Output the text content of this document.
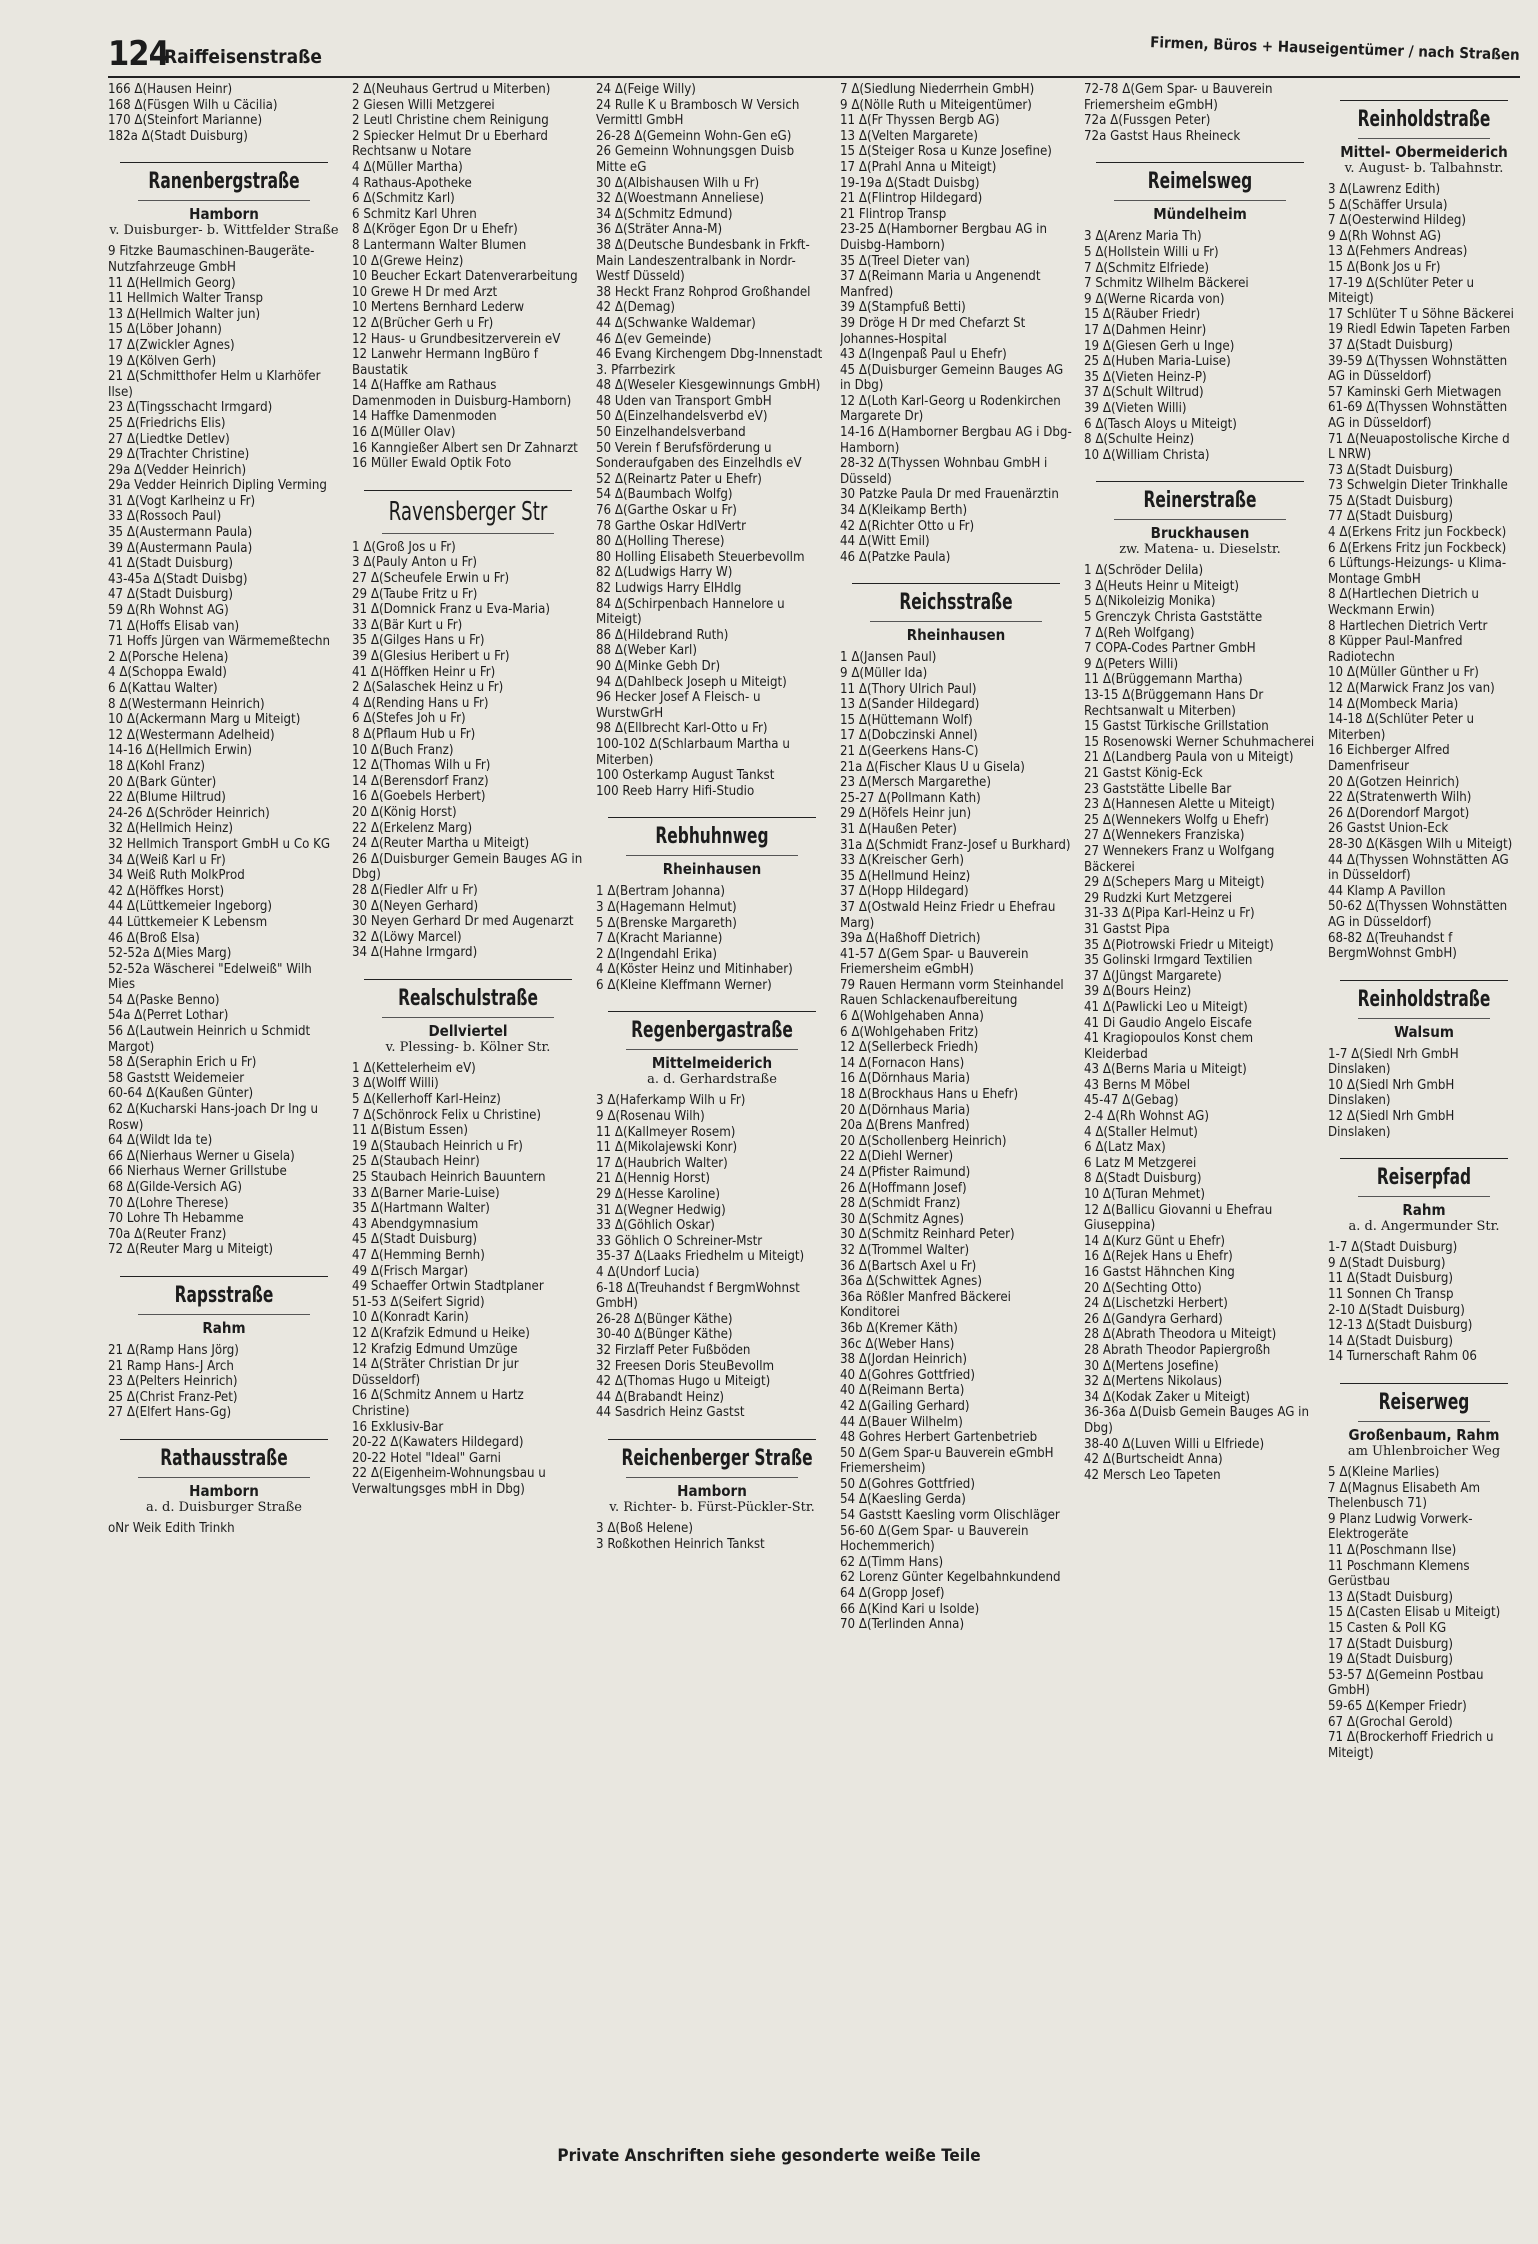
124
Raiffeisenstraße	Firmen, Büros + Hauseigentümer / nach Straßen
166 Δ(Hausen Heinr)
168 Δ(Füsgen Wilh u Cäcilia)
170 Δ(Steinfort Marianne)
182a Δ(Stadt Duisburg)
Ranenbergstraße
Hamborn
v. Duisburger- b. Wittfelder Straße
9 Fitzke Baumaschinen-Baugeräte-Nutzfahrzeuge GmbH
11 Δ(Hellmich Georg)
11 Hellmich Walter Transp
13 Δ(Hellmich Walter jun)
15 Δ(Löber Johann)
17 Δ(Zwickler Agnes)
19 Δ(Kölven Gerh)
21 Δ(Schmitthofer Helm u Klarhöfer Ilse)
23 Δ(Tingsschacht Irmgard)
25 Δ(Friedrichs Elis)
27 Δ(Liedtke Detlev)
29 Δ(Trachter Christine)
29a Δ(Vedder Heinrich)
29a Vedder Heinrich Dipling Verming
31 Δ(Vogt Karlheinz u Fr)
33 Δ(Rossoch Paul)
35 Δ(Austermann Paula)
39 Δ(Austermann Paula)
41 Δ(Stadt Duisburg)
43-45a Δ(Stadt Duisbg)
47 Δ(Stadt Duisburg)
59 Δ(Rh Wohnst AG)
71 Δ(Hoffs Elisab van)
71 Hoffs Jürgen van Wärmemeßtechn
2 Δ(Porsche Helena)
4 Δ(Schoppa Ewald)
6 Δ(Kattau Walter)
8 Δ(Westermann Heinrich)
10 Δ(Ackermann Marg u Miteigt)
12 Δ(Westermann Adelheid)
14-16 Δ(Hellmich Erwin)
18 Δ(Kohl Franz)
20 Δ(Bark Günter)
22 Δ(Blume Hiltrud)
24-26 Δ(Schröder Heinrich)
32 Δ(Hellmich Heinz)
32 Hellmich Transport GmbH u Co KG
34 Δ(Weiß Karl u Fr)
34 Weiß Ruth MolkProd
42 Δ(Höffkes Horst)
44 Δ(Lüttkemeier Ingeborg)
44 Lüttkemeier K Lebensm
46 Δ(Broß Elsa)
52-52a Δ(Mies Marg)
52-52a Wäscherei "Edelweiß" Wilh Mies
54 Δ(Paske Benno)
54a Δ(Perret Lothar)
56 Δ(Lautwein Heinrich u Schmidt Margot)
58 Δ(Seraphin Erich u Fr)
58 Gaststt Weidemeier
60-64 Δ(Kaußen Günter)
62 Δ(Kucharski Hans-joach Dr Ing u Rosw)
64 Δ(Wildt Ida te)
66 Δ(Nierhaus Werner u Gisela)
66 Nierhaus Werner Grillstube
68 Δ(Gilde-Versich AG)
70 Δ(Lohre Therese)
70 Lohre Th Hebamme
70a Δ(Reuter Franz)
72 Δ(Reuter Marg u Miteigt)
Rapsstraße
Rahm
21 Δ(Ramp Hans Jörg)
21 Ramp Hans-J Arch
23 Δ(Pelters Heinrich)
25 Δ(Christ Franz-Pet)
27 Δ(Elfert Hans-Gg)
Rathausstraße
Hamborn
a. d. Duisburger Straße
oNr Weik Edith Trinkh
2 Δ(Neuhaus Gertrud u Miterben)
2 Giesen Willi Metzgerei
2 Leutl Christine chem Reinigung
2 Spiecker Helmut Dr u Eberhard Rechtsanw u Notare
4 Δ(Müller Martha)
4 Rathaus-Apotheke
6 Δ(Schmitz Karl)
6 Schmitz Karl Uhren
8 Δ(Kröger Egon Dr u Ehefr)
8 Lantermann Walter Blumen
10 Δ(Grewe Heinz)
10 Beucher Eckart Datenverarbeitung
10 Grewe H Dr med Arzt
10 Mertens Bernhard Lederw
12 Δ(Brücher Gerh u Fr)
12 Haus- u Grundbesitzerverein eV
12 Lanwehr Hermann IngBüro f Baustatik
14 Δ(Haffke am Rathaus Damenmoden in Duisburg-Hamborn)
14 Haffke Damenmoden
16 Δ(Müller Olav)
16 Kanngießer Albert sen Dr Zahnarzt
16 Müller Ewald Optik Foto
Ravensberger Str
1 Δ(Groß Jos u Fr)
3 Δ(Pauly Anton u Fr)
27 Δ(Scheufele Erwin u Fr)
29 Δ(Taube Fritz u Fr)
31 Δ(Domnick Franz u Eva-Maria)
33 Δ(Bär Kurt u Fr)
35 Δ(Gilges Hans u Fr)
39 Δ(Glesius Heribert u Fr)
41 Δ(Höffken Heinr u Fr)
2 Δ(Salaschek Heinz u Fr)
4 Δ(Rending Hans u Fr)
6 Δ(Stefes Joh u Fr)
8 Δ(Pflaum Hub u Fr)
10 Δ(Buch Franz)
12 Δ(Thomas Wilh u Fr)
14 Δ(Berensdorf Franz)
16 Δ(Goebels Herbert)
20 Δ(König Horst)
22 Δ(Erkelenz Marg)
24 Δ(Reuter Martha u Miteigt)
26 Δ(Duisburger Gemein Bauges AG in Dbg)
28 Δ(Fiedler Alfr u Fr)
30 Δ(Neyen Gerhard)
30 Neyen Gerhard Dr med Augenarzt
32 Δ(Löwy Marcel)
34 Δ(Hahne Irmgard)
Realschulstraße
Dellviertel
v. Plessing- b. Kölner Str.
1 Δ(Kettelerheim eV)
3 Δ(Wolff Willi)
5 Δ(Kellerhoff Karl-Heinz)
7 Δ(Schönrock Felix u Christine)
11 Δ(Bistum Essen)
19 Δ(Staubach Heinrich u Fr)
25 Δ(Staubach Heinr)
25 Staubach Heinrich Bauuntern
33 Δ(Barner Marie-Luise)
35 Δ(Hartmann Walter)
43 Abendgymnasium
45 Δ(Stadt Duisburg)
47 Δ(Hemming Bernh)
49 Δ(Frisch Margar)
49 Schaeffer Ortwin Stadtplaner
51-53 Δ(Seifert Sigrid)
10 Δ(Konradt Karin)
12 Δ(Krafzik Edmund u Heike)
12 Krafzig Edmund Umzüge
14 Δ(Sträter Christian Dr jur Düsseldorf)
16 Δ(Schmitz Annem u Hartz Christine)
16 Exklusiv-Bar
20-22 Δ(Kawaters Hildegard)
20-22 Hotel "Ideal" Garni
22 Δ(Eigenheim-Wohnungsbau u Verwaltungsges mbH in Dbg)
24 Δ(Feige Willy)
24 Rulle K u Brambosch W Versich Vermittl GmbH
26-28 Δ(Gemeinn Wohn-Gen eG)
26 Gemeinn Wohnungsgen Duisb Mitte eG
30 Δ(Albishausen Wilh u Fr)
32 Δ(Woestmann Anneliese)
34 Δ(Schmitz Edmund)
36 Δ(Sträter Anna-M)
38 Δ(Deutsche Bundesbank in Frkft-Main Landeszentralbank in Nordr-Westf Düsseld)
38 Heckt Franz Rohprod Großhandel
42 Δ(Demag)
44 Δ(Schwanke Waldemar)
46 Δ(ev Gemeinde)
46 Evang Kirchengem Dbg-Innenstadt 3. Pfarrbezirk
48 Δ(Weseler Kiesgewinnungs GmbH)
48 Uden van Transport GmbH
50 Δ(Einzelhandelsverbd eV)
50 Einzelhandelsverband
50 Verein f Berufsförderung u Sonderaufgaben des Einzelhdls eV
52 Δ(Reinartz Pater u Ehefr)
54 Δ(Baumbach Wolfg)
76 Δ(Garthe Oskar u Fr)
78 Garthe Oskar HdlVertr
80 Δ(Holling Therese)
80 Holling Elisabeth Steuerbevollm
82 Δ(Ludwigs Harry W)
82 Ludwigs Harry ElHdlg
84 Δ(Schirpenbach Hannelore u Miteigt)
86 Δ(Hildebrand Ruth)
88 Δ(Weber Karl)
90 Δ(Minke Gebh Dr)
94 Δ(Dahlbeck Joseph u Miteigt)
96 Hecker Josef A Fleisch- u WurstwGrH
98 Δ(Ellbrecht Karl-Otto u Fr)
100-102 Δ(Schlarbaum Martha u Miterben)
100 Osterkamp August Tankst
100 Reeb Harry Hifi-Studio
Rebhuhnweg
Rheinhausen
1 Δ(Bertram Johanna)
3 Δ(Hagemann Helmut)
5 Δ(Brenske Margareth)
7 Δ(Kracht Marianne)
2 Δ(Ingendahl Erika)
4 Δ(Köster Heinz und Mitinhaber)
6 Δ(Kleine Kleffmann Werner)
Regenbergastraße
Mittelmeiderich
a. d. Gerhardstraße
3 Δ(Haferkamp Wilh u Fr)
9 Δ(Rosenau Wilh)
11 Δ(Kallmeyer Rosem)
11 Δ(Mikolajewski Konr)
17 Δ(Haubrich Walter)
21 Δ(Hennig Horst)
29 Δ(Hesse Karoline)
31 Δ(Wegner Hedwig)
33 Δ(Göhlich Oskar)
33 Göhlich O Schreiner-Mstr
35-37 Δ(Laaks Friedhelm u Miteigt)
4 Δ(Undorf Lucia)
6-18 Δ(Treuhandst f BergmWohnst GmbH)
26-28 Δ(Bünger Käthe)
30-40 Δ(Bünger Käthe)
32 Firzlaff Peter Fußböden
32 Freesen Doris SteuBevollm
42 Δ(Thomas Hugo u Miteigt)
44 Δ(Brabandt Heinz)
44 Sasdrich Heinz Gastst
Reichenberger Straße
Hamborn
v. Richter- b. Fürst-Pückler-Str.
3 Δ(Boß Helene)
3 Roßkothen Heinrich Tankst
7 Δ(Siedlung Niederrhein GmbH)
9 Δ(Nölle Ruth u Miteigentümer)
11 Δ(Fr Thyssen Bergb AG)
13 Δ(Velten Margarete)
15 Δ(Steiger Rosa u Kunze Josefine)
17 Δ(Prahl Anna u Miteigt)
19-19a Δ(Stadt Duisbg)
21 Δ(Flintrop Hildegard)
21 Flintrop Transp
23-25 Δ(Hamborner Bergbau AG in Duisbg-Hamborn)
35 Δ(Treel Dieter van)
37 Δ(Reimann Maria u Angenendt Manfred)
39 Δ(Stampfuß Betti)
39 Dröge H Dr med Chefarzt St Johannes-Hospital
43 Δ(Ingenpaß Paul u Ehefr)
45 Δ(Duisburger Gemeinn Bauges AG in Dbg)
12 Δ(Loth Karl-Georg u Rodenkirchen Margarete Dr)
14-16 Δ(Hamborner Bergbau AG i Dbg-Hamborn)
28-32 Δ(Thyssen Wohnbau GmbH i Düsseld)
30 Patzke Paula Dr med Frauenärztin
34 Δ(Kleikamp Berth)
42 Δ(Richter Otto u Fr)
44 Δ(Witt Emil)
46 Δ(Patzke Paula)
Reichsstraße
Rheinhausen
1 Δ(Jansen Paul)
9 Δ(Müller Ida)
11 Δ(Thory Ulrich Paul)
13 Δ(Sander Hildegard)
15 Δ(Hüttemann Wolf)
17 Δ(Dobczinski Annel)
21 Δ(Geerkens Hans-C)
21a Δ(Fischer Klaus U u Gisela)
23 Δ(Mersch Margarethe)
25-27 Δ(Pollmann Kath)
29 Δ(Höfels Heinr jun)
31 Δ(Haußen Peter)
31a Δ(Schmidt Franz-Josef u Burkhard)
33 Δ(Kreischer Gerh)
35 Δ(Hellmund Heinz)
37 Δ(Hopp Hildegard)
37 Δ(Ostwald Heinz Friedr u Ehefrau Marg)
39a Δ(Haßhoff Dietrich)
41-57 Δ(Gem Spar- u Bauverein Friemersheim eGmbH)
79 Rauen Hermann vorm Steinhandel Rauen Schlackenaufbereitung
6 Δ(Wohlgehaben Anna)
6 Δ(Wohlgehaben Fritz)
12 Δ(Sellerbeck Friedh)
14 Δ(Fornacon Hans)
16 Δ(Dörnhaus Maria)
18 Δ(Brockhaus Hans u Ehefr)
20 Δ(Dörnhaus Maria)
20a Δ(Brens Manfred)
20 Δ(Schollenberg Heinrich)
22 Δ(Diehl Werner)
24 Δ(Pfister Raimund)
26 Δ(Hoffmann Josef)
28 Δ(Schmidt Franz)
30 Δ(Schmitz Agnes)
30 Δ(Schmitz Reinhard Peter)
32 Δ(Trommel Walter)
36 Δ(Bartsch Axel u Fr)
36a Δ(Schwittek Agnes)
36a Rößler Manfred Bäckerei Konditorei
36b Δ(Kremer Käth)
36c Δ(Weber Hans)
38 Δ(Jordan Heinrich)
40 Δ(Gohres Gottfried)
40 Δ(Reimann Berta)
42 Δ(Gailing Gerhard)
44 Δ(Bauer Wilhelm)
48 Gohres Herbert Gartenbetrieb
50 Δ(Gem Spar-u Bauverein eGmbH Friemersheim)
50 Δ(Gohres Gottfried)
54 Δ(Kaesling Gerda)
54 Gaststt Kaesling vorm Olischläger
56-60 Δ(Gem Spar- u Bauverein Hochemmerich)
62 Δ(Timm Hans)
62 Lorenz Günter Kegelbahnkundend
64 Δ(Gropp Josef)
66 Δ(Kind Kari u Isolde)
70 Δ(Terlinden Anna)
72-78 Δ(Gem Spar- u Bauverein Friemersheim eGmbH)
72a Δ(Fussgen Peter)
72a Gastst Haus Rheineck
Reimelsweg
Mündelheim
3 Δ(Arenz Maria Th)
5 Δ(Hollstein Willi u Fr)
7 Δ(Schmitz Elfriede)
7 Schmitz Wilhelm Bäckerei
9 Δ(Werne Ricarda von)
15 Δ(Räuber Friedr)
17 Δ(Dahmen Heinr)
19 Δ(Giesen Gerh u Inge)
25 Δ(Huben Maria-Luise)
35 Δ(Vieten Heinz-P)
37 Δ(Schult Wiltrud)
39 Δ(Vieten Willi)
6 Δ(Tasch Aloys u Miteigt)
8 Δ(Schulte Heinz)
10 Δ(William Christa)
Reinerstraße
Bruckhausen
zw. Matena- u. Dieselstr.
1 Δ(Schröder Delila)
3 Δ(Heuts Heinr u Miteigt)
5 Δ(Nikoleizig Monika)
5 Grenczyk Christa Gaststätte
7 Δ(Reh Wolfgang)
7 COPA-Codes Partner GmbH
9 Δ(Peters Willi)
11 Δ(Brüggemann Martha)
13-15 Δ(Brüggemann Hans Dr Rechtsanwalt u Miterben)
15 Gastst Türkische Grillstation
15 Rosenowski Werner Schuhmacherei
21 Δ(Landberg Paula von u Miteigt)
21 Gastst König-Eck
23 Gaststätte Libelle Bar
23 Δ(Hannesen Alette u Miteigt)
25 Δ(Wennekers Wolfg u Ehefr)
27 Δ(Wennekers Franziska)
27 Wennekers Franz u Wolfgang Bäckerei
29 Δ(Schepers Marg u Miteigt)
29 Rudzki Kurt Metzgerei
31-33 Δ(Pipa Karl-Heinz u Fr)
31 Gastst Pipa
35 Δ(Piotrowski Friedr u Miteigt)
35 Golinski Irmgard Textilien
37 Δ(Jüngst Margarete)
39 Δ(Bours Heinz)
41 Δ(Pawlicki Leo u Miteigt)
41 Di Gaudio Angelo Eiscafe
41 Kragiopoulos Konst chem Kleiderbad
43 Δ(Berns Maria u Miteigt)
43 Berns M Möbel
45-47 Δ(Gebag)
2-4 Δ(Rh Wohnst AG)
4 Δ(Staller Helmut)
6 Δ(Latz Max)
6 Latz M Metzgerei
8 Δ(Stadt Duisburg)
10 Δ(Turan Mehmet)
12 Δ(Ballicu Giovanni u Ehefrau Giuseppina)
14 Δ(Kurz Günt u Ehefr)
16 Δ(Rejek Hans u Ehefr)
16 Gastst Hähnchen King
20 Δ(Sechting Otto)
24 Δ(Lischetzki Herbert)
26 Δ(Gandyra Gerhard)
28 Δ(Abrath Theodora u Miteigt)
28 Abrath Theodor Papiergroßh
30 Δ(Mertens Josefine)
32 Δ(Mertens Nikolaus)
34 Δ(Kodak Zaker u Miteigt)
36-36a Δ(Duisb Gemein Bauges AG in Dbg)
38-40 Δ(Luven Willi u Elfriede)
42 Δ(Burtscheidt Anna)
42 Mersch Leo Tapeten
Reinholdstraße
Mittel- Obermeiderich
v. August- b. Talbahnstr.
3 Δ(Lawrenz Edith)
5 Δ(Schäffer Ursula)
7 Δ(Oesterwind Hildeg)
9 Δ(Rh Wohnst AG)
13 Δ(Fehmers Andreas)
15 Δ(Bonk Jos u Fr)
17-19 Δ(Schlüter Peter u Miteigt)
17 Schlüter T u Söhne Bäckerei
19 Riedl Edwin Tapeten Farben
37 Δ(Stadt Duisburg)
39-59 Δ(Thyssen Wohnstätten AG in Düsseldorf)
57 Kaminski Gerh Mietwagen
61-69 Δ(Thyssen Wohnstätten AG in Düsseldorf)
71 Δ(Neuapostolische Kirche d L NRW)
73 Δ(Stadt Duisburg)
73 Schwelgin Dieter Trinkhalle
75 Δ(Stadt Duisburg)
77 Δ(Stadt Duisburg)
4 Δ(Erkens Fritz jun Fockbeck)
6 Δ(Erkens Fritz jun Fockbeck)
6 Lüftungs-Heizungs- u Klima-Montage GmbH
8 Δ(Hartlechen Dietrich u Weckmann Erwin)
8 Hartlechen Dietrich Vertr
8 Küpper Paul-Manfred Radiotechn
10 Δ(Müller Günther u Fr)
12 Δ(Marwick Franz Jos van)
14 Δ(Mombeck Maria)
14-18 Δ(Schlüter Peter u Miterben)
16 Eichberger Alfred Damenfriseur
20 Δ(Gotzen Heinrich)
22 Δ(Stratenwerth Wilh)
26 Δ(Dorendorf Margot)
26 Gastst Union-Eck
28-30 Δ(Käsgen Wilh u Miteigt)
44 Δ(Thyssen Wohnstätten AG in Düsseldorf)
44 Klamp A Pavillon
50-62 Δ(Thyssen Wohnstätten AG in Düsseldorf)
68-82 Δ(Treuhandst f BergmWohnst GmbH)
Reinholdstraße
Walsum
1-7 Δ(Siedl Nrh GmbH Dinslaken)
10 Δ(Siedl Nrh GmbH Dinslaken)
12 Δ(Siedl Nrh GmbH Dinslaken)
Reiserpfad
Rahm
a. d. Angermunder Str.
1-7 Δ(Stadt Duisburg)
9 Δ(Stadt Duisburg)
11 Δ(Stadt Duisburg)
11 Sonnen Ch Transp
2-10 Δ(Stadt Duisburg)
12-13 Δ(Stadt Duisburg)
14 Δ(Stadt Duisburg)
14 Turnerschaft Rahm 06
Reiserweg
Großenbaum, Rahm
am Uhlenbroicher Weg
5 Δ(Kleine Marlies)
7 Δ(Magnus Elisabeth Am Thelenbusch 71)
9 Planz Ludwig Vorwerk-Elektrogeräte
11 Δ(Poschmann Ilse)
11 Poschmann Klemens Gerüstbau
13 Δ(Stadt Duisburg)
15 Δ(Casten Elisab u Miteigt)
15 Casten & Poll KG
17 Δ(Stadt Duisburg)
19 Δ(Stadt Duisburg)
53-57 Δ(Gemeinn Postbau GmbH)
59-65 Δ(Kemper Friedr)
67 Δ(Grochal Gerold)
71 Δ(Brockerhoff Friedrich u Miteigt)
Private Anschriften siehe gesonderte weiße Teile
